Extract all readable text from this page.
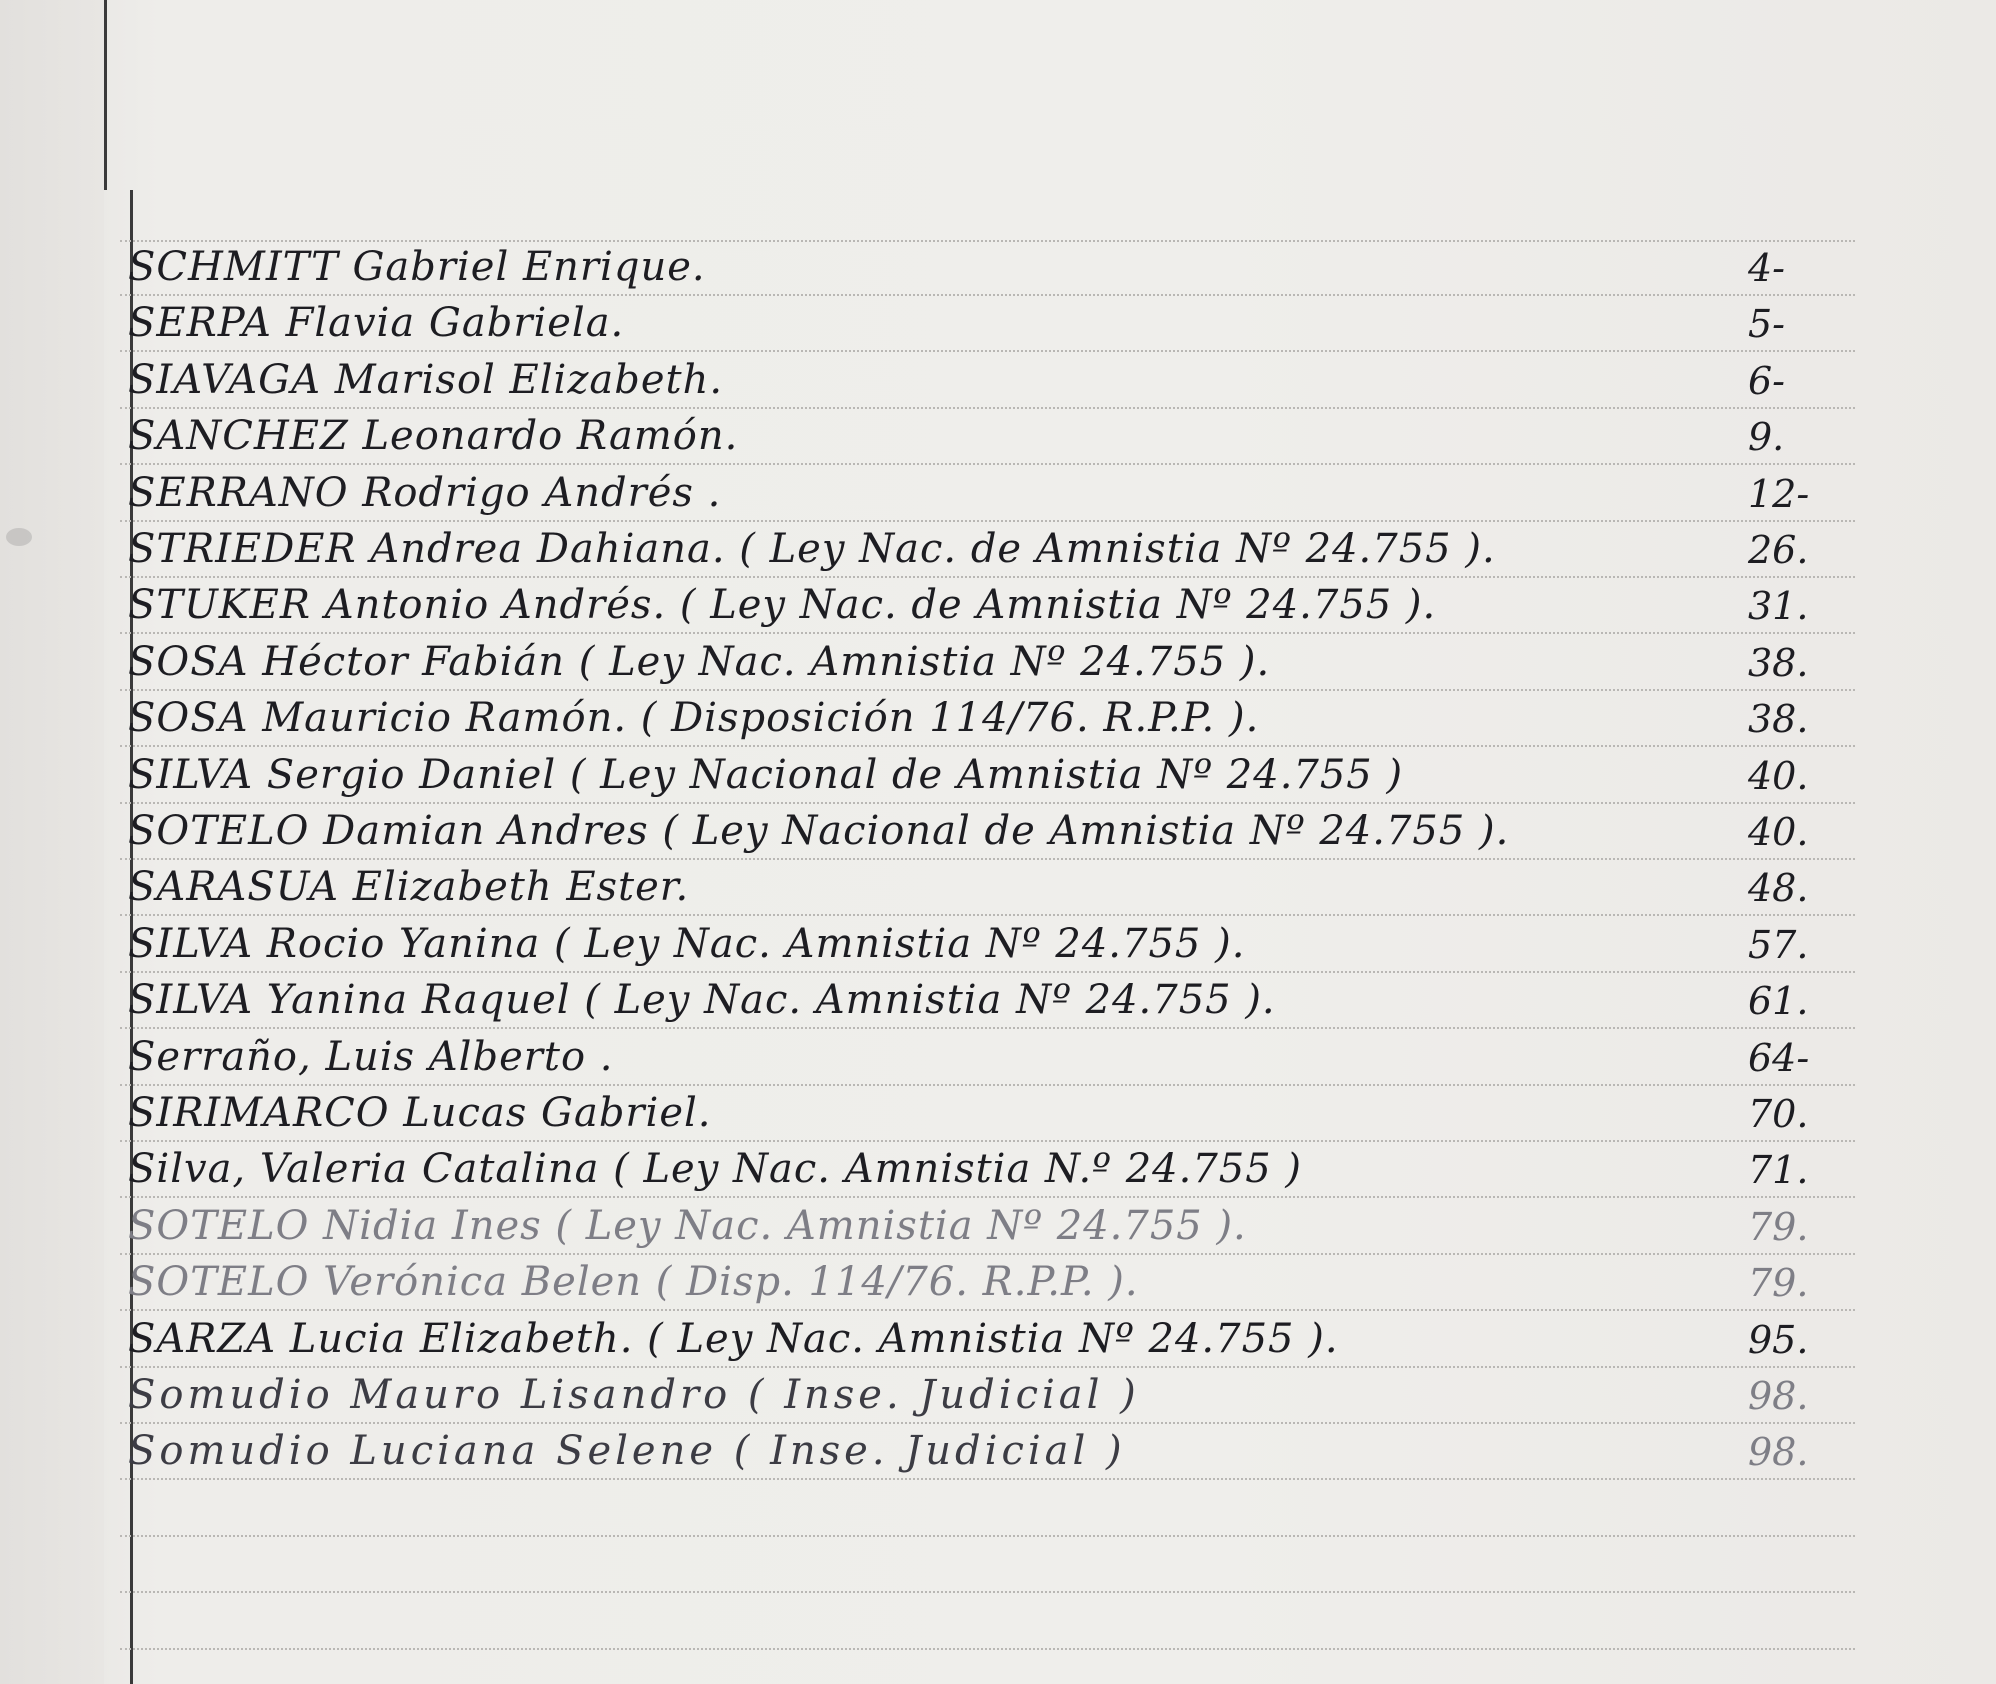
SCHMITT Gabriel Enrique.	4-
SERPA Flavia Gabriela.	5-
SIAVAGA Marisol Elizabeth.	6-
SANCHEZ Leonardo Ramón.	9.
SERRANO Rodrigo Andrés .	12-
STRIEDER Andrea Dahiana. ( Ley Nac. de Amnistia Nº 24.755 ).	26.
STUKER Antonio Andrés. ( Ley Nac. de Amnistia Nº 24.755 ).	31.
SOSA Héctor Fabián ( Ley Nac. Amnistia Nº 24.755 ).	38.
SOSA Mauricio Ramón. ( Disposición 114/76. R.P.P. ).	38.
SILVA Sergio Daniel ( Ley Nacional de Amnistia Nº 24.755 )	40.
SOTELO Damian Andres ( Ley Nacional de Amnistia Nº 24.755 ).	40.
SARASUA Elizabeth Ester.	48.
SILVA Rocio Yanina ( Ley Nac. Amnistia Nº 24.755 ).	57.
SILVA Yanina Raquel ( Ley Nac. Amnistia Nº 24.755 ).	61.
Serraño, Luis Alberto .	64-
SIRIMARCO Lucas Gabriel.	70.
Silva, Valeria Catalina ( Ley Nac. Amnistia N.º 24.755 )	71.
SOTELO Nidia Ines ( Ley Nac. Amnistia Nº 24.755 ).	79.
SOTELO Verónica Belen ( Disp. 114/76. R.P.P. ).	79.
SARZA Lucia Elizabeth. ( Ley Nac. Amnistia Nº 24.755 ).	95.
Somudio Mauro Lisandro ( Inse. Judicial )	98.
Somudio Luciana Selene ( Inse. Judicial )	98.
